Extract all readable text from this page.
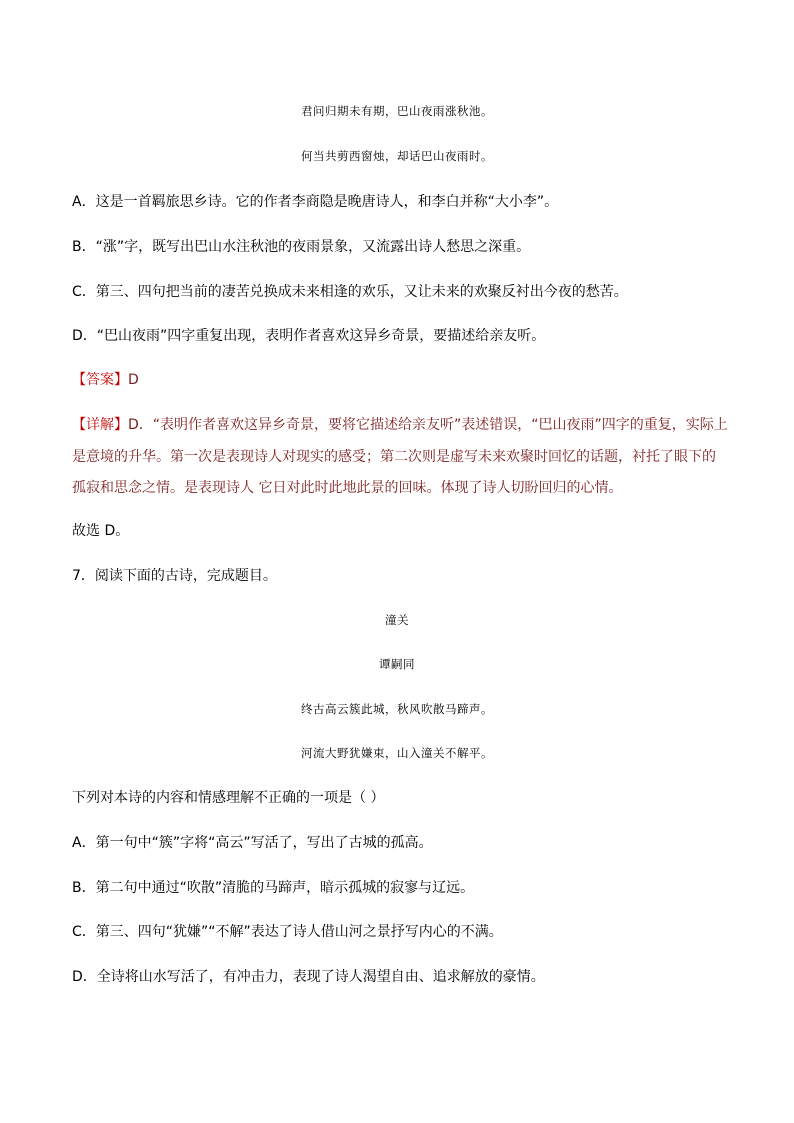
君问归期未有期，巴山夜雨涨秋池。
何当共剪西窗烛，却话巴山夜雨时。
A．这是一首羁旅思乡诗。它的作者李商隐是晚唐诗人，和李白并称“大小李”。
B．“涨”字，既写出巴山水注秋池的夜雨景象，又流露出诗人愁思之深重。
C．第三、四句把当前的凄苦兑换成未来相逢的欢乐，又让未来的欢聚反衬出今夜的愁苦。
D．“巴山夜雨”四字重复出现，表明作者喜欢这异乡奇景，要描述给亲友听。
【答案】D
【详解】D．“表明作者喜欢这异乡奇景，要将它描述给亲友听”表述错误，“巴山夜雨”四字的重复，实际上
是意境的升华。第一次是表现诗人对现实的感受；第二次则是虚写未来欢聚时回忆的话题，衬托了眼下的
孤寂和思念之情。是表现诗人 它日对此时此地此景的回味。体现了诗人切盼回归的心情。
故选 D。
7．阅读下面的古诗，完成题目。
潼关
谭嗣同
终古高云簇此城，秋风吹散马蹄声。
河流大野犹嫌束，山入潼关不解平。
下列对本诗的内容和情感理解不正确的一项是（ ）
A．第一句中“簇”字将“高云”写活了，写出了古城的孤高。
B．第二句中通过“吹散”清脆的马蹄声，暗示孤城的寂寥与辽远。
C．第三、四句“犹嫌”“不解”表达了诗人借山河之景抒写内心的不满。
D．全诗将山水写活了，有冲击力，表现了诗人渴望自由、追求解放的豪情。
